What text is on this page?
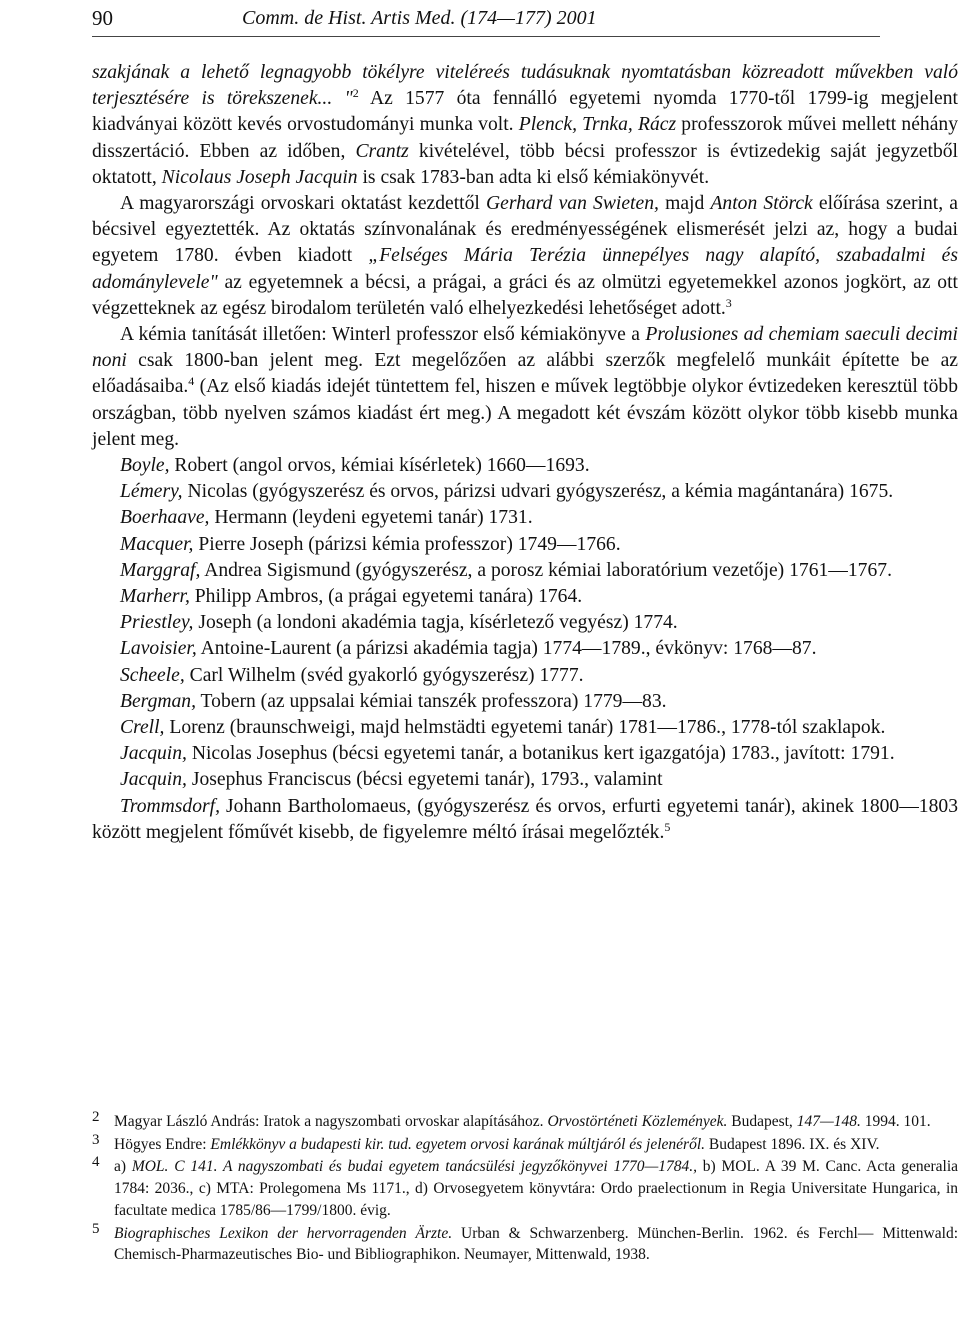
90	Comm. de Hist. Artis Med. (174—177) 2001

szakjának a lehető legnagyobb tökélyre viteléreés tudásuknak nyomtatásban közreadott művekben való terjesztésére is törekszenek... "$^2$ Az 1577 óta fennálló egyetemi nyomda 1770-től 1799-ig megjelent kiadványai között kevés orvostudományi munka volt. Plenck, Trnka, Rácz professzorok művei mellett néhány disszertáció. Ebben az időben, Crantz kivételével, több bécsi professzor is évtizedekig saját jegyzetből oktatott, Nicolaus Joseph Jacquin is csak 1783-ban adta ki első kémiakönyvét.

A magyarországi orvoskari oktatást kezdettől Gerhard van Swieten, majd Anton Störck előírása szerint, a bécsivel egyeztették. Az oktatás színvonalának és eredményességének elismerését jelzi az, hogy a budai egyetem 1780. évben kiadott „Felséges Mária Terézia ünnepélyes nagy alapító, szabadalmi és adománylevele" az egyetemnek a bécsi, a prágai, a gráci és az olmützi egyetemekkel azonos jogkört, az ott végzetteknek az egész birodalom területén való elhelyezkedési lehetőséget adott.$^3$

A kémia tanítását illetően: Winterl professzor első kémiakönyve a Prolusiones ad chemiam saeculi decimi noni csak 1800-ban jelent meg. Ezt megelőzően az alábbi szerzők megfelelő munkáit építette be az előadásaiba.$^4$ (Az első kiadás idejét tüntettem fel, hiszen e művek legtöbbje olykor évtizedeken keresztül több országban, több nyelven számos kiadást ért meg.) A megadott két évszám között olykor több kisebb munka jelent meg.

Boyle, Robert (angol orvos, kémiai kísérletek) 1660—1693.

Lémery, Nicolas (gyógyszerész és orvos, párizsi udvari gyógyszerész, a kémia magántanára) 1675.

Boerhaave, Hermann (leydeni egyetemi tanár) 1731.

Macquer, Pierre Joseph (párizsi kémia professzor) 1749—1766.

Marggraf, Andrea Sigismund (gyógyszerész, a porosz kémiai laboratórium vezetője) 1761—1767.

Marherr, Philipp Ambros, (a prágai egyetemi tanára) 1764.

Priestley, Joseph (a londoni akadémia tagja, kísérletező vegyész) 1774.

Lavoisier, Antoine-Laurent (a párizsi akadémia tagja) 1774—1789., évkönyv: 1768—87.

Scheele, Carl Wilhelm (svéd gyakorló gyógyszerész) 1777.

Bergman, Tobern (az uppsalai kémiai tanszék professzora) 1779—83.

Crell, Lorenz (braunschweigi, majd helmstädti egyetemi tanár) 1781—1786., 1778-tól szaklapok.

Jacquin, Nicolas Josephus (bécsi egyetemi tanár, a botanikus kert igazgatója) 1783., javított: 1791.

Jacquin, Josephus Franciscus (bécsi egyetemi tanár), 1793., valamint

Trommsdorf, Johann Bartholomaeus, (gyógyszerész és orvos, erfurti egyetemi tanár), akinek 1800—1803 között megjelent főművét kisebb, de figyelemre méltó írásai megelőzték.$^5$

2 Magyar László András: Iratok a nagyszombati orvoskar alapításához. Orvostörténeti Közlemények. Budapest, 147—148. 1994. 101.

3 Högyes Endre: Emlékkönyv a budapesti kir. tud. egyetem orvosi karának múltjáról és jelenéről. Budapest 1896. IX. és XIV.

4 a) MOL. C 141. A nagyszombati és budai egyetem tanácsülési jegyzőkönyvei 1770—1784., b) MOL. A 39 M. Canc. Acta generalia 1784: 2036., c) MTA: Prolegomena Ms 1171., d) Orvosegyetem könyvtára: Ordo praelectionum in Regia Universitate Hungarica, in facultate medica 1785/86—1799/1800. évig.

5 Biographisches Lexikon der hervorragenden Ärzte. Urban & Schwarzenberg. München-Berlin. 1962. és Ferchl— Mittenwald: Chemisch-Pharmazeutisches Bio- und Bibliographikon. Neumayer, Mittenwald, 1938.
